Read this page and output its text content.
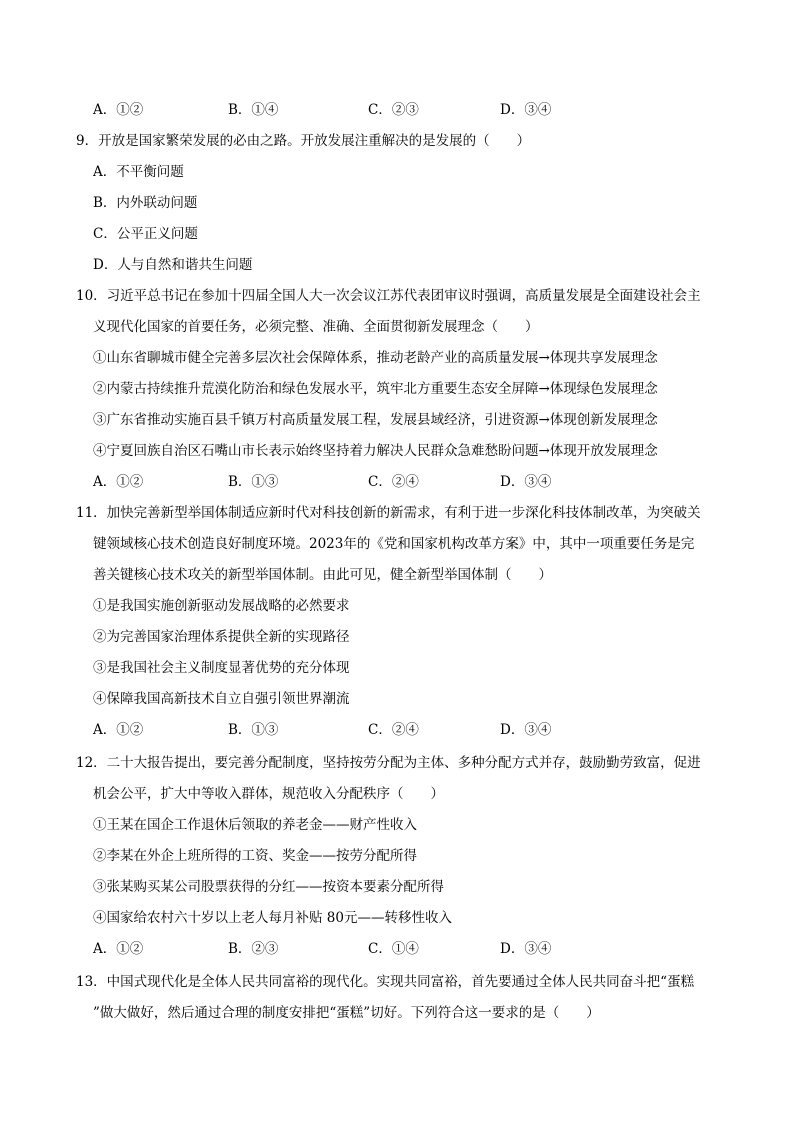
A．①②	B．①④	C．②③	D．③④
9．开放是国家繁荣发展的必由之路。开放发展注重解决的是发展的（　　）
A．不平衡问题
B．内外联动问题
C．公平正义问题
D．人与自然和谐共生问题
10．习近平总书记在参加十四届全国人大一次会议江苏代表团审议时强调，高质量发展是全面建设社会主
义现代化国家的首要任务，必须完整、准确、全面贯彻新发展理念（　　）
①山东省聊城市健全完善多层次社会保障体系，推动老龄产业的高质量发展→体现共享发展理念
②内蒙古持续推升荒漠化防治和绿色发展水平，筑牢北方重要生态安全屏障→体现绿色发展理念
③广东省推动实施百县千镇万村高质量发展工程，发展县域经济，引进资源→体现创新发展理念
④宁夏回族自治区石嘴山市长表示始终坚持着力解决人民群众急难愁盼问题→体现开放发展理念
A．①②	B．①③	C．②④	D．③④
11．加快完善新型举国体制适应新时代对科技创新的新需求，有利于进一步深化科技体制改革，为突破关
键领域核心技术创造良好制度环境。2023年的《党和国家机构改革方案》中，其中一项重要任务是完
善关键核心技术攻关的新型举国体制。由此可见，健全新型举国体制（　　）
①是我国实施创新驱动发展战略的必然要求
②为完善国家治理体系提供全新的实现路径
③是我国社会主义制度显著优势的充分体现
④保障我国高新技术自立自强引领世界潮流
A．①②	B．①③	C．②④	D．③④
12．二十大报告提出，要完善分配制度，坚持按劳分配为主体、多种分配方式并存，鼓励勤劳致富，促进
机会公平，扩大中等收入群体，规范收入分配秩序（　　）
①王某在国企工作退休后领取的养老金——财产性收入
②李某在外企上班所得的工资、奖金——按劳分配所得
③张某购买某公司股票获得的分红——按资本要素分配所得
④国家给农村六十岁以上老人每月补贴 80元——转移性收入
A．①②	B．②③	C．①④	D．③④
13．中国式现代化是全体人民共同富裕的现代化。实现共同富裕，首先要通过全体人民共同奋斗把“蛋糕
”做大做好，然后通过合理的制度安排把“蛋糕”切好。下列符合这一要求的是（　　）
